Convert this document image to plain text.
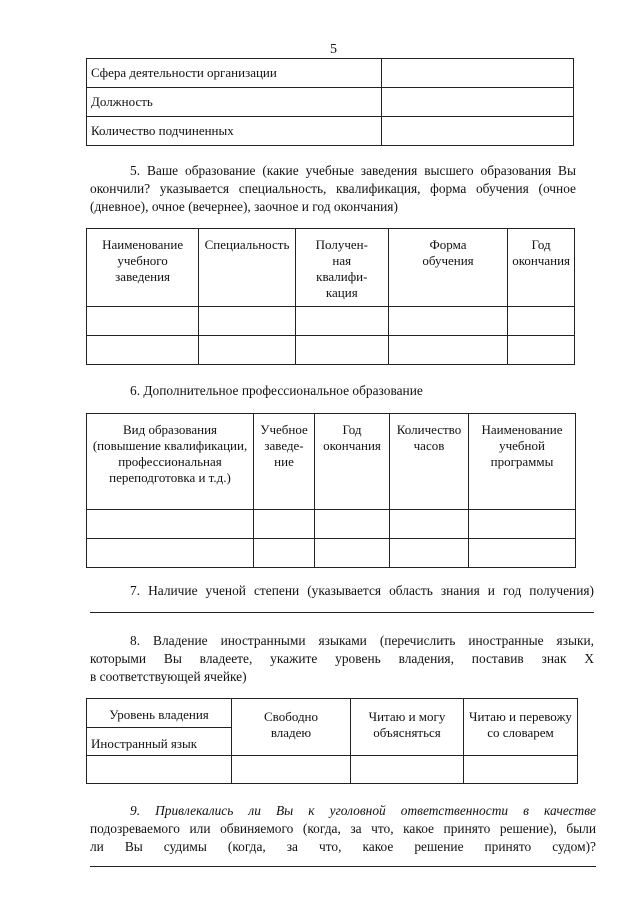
5
Сфера деятельности организации	
Должность	
Количество подчиненных	
5. Ваше образование (какие учебные заведения высшего образования Вы
окончили? указывается специальность, квалификация, форма обучения (очное
(дневное), очное (вечернее), заочное и год окончания)
Наименование учебного заведения	Специальность	Получен-ная квалифи-кация	Форма обучения	Год окончания

6. Дополнительное профессиональное образование
Вид образования (повышение квалификации, профессиональная переподготовка и т.д.)	Учебное заведе-ние	Год окончания	Количество часов	Наименование учебной программы

7. Наличие ученой степени (указывается область знания и год получения)
8. Владение иностранными языками (перечислить иностранные языки,
которыми Вы владеете, укажите уровень владения, поставив знак X
в соответствующей ячейке)
Уровень владения	Свободно владею	Читаю и могу объясняться	Читаю и перевожу со словарем
Иностранный язык			

9. Привлекались ли Вы к уголовной ответственности в качестве
подозреваемого или обвиняемого (когда, за что, какое принято решение), были
ли Вы судимы (когда, за что, какое решение принято судом)?
